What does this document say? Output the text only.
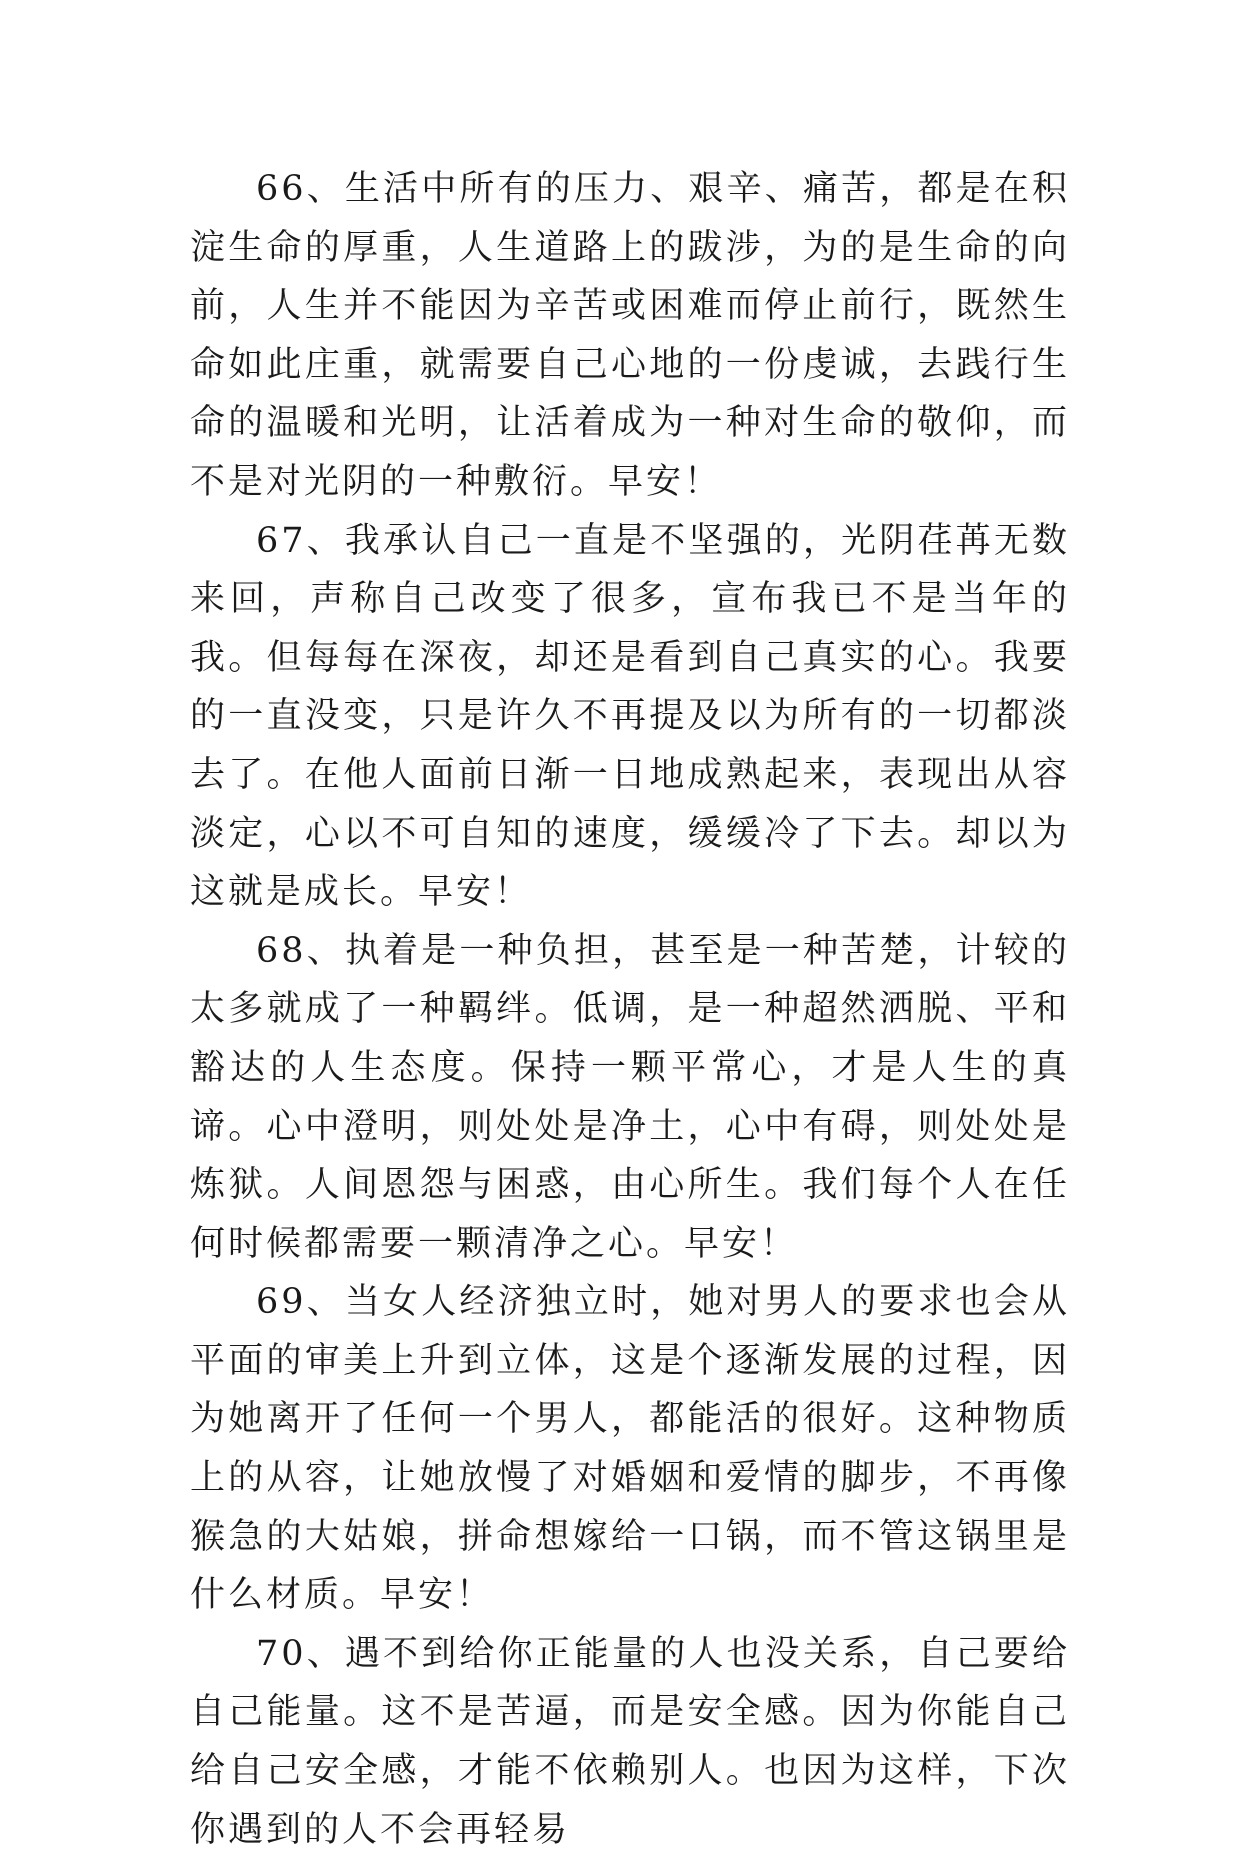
66、生活中所有的压力、艰辛、痛苦，都是在积淀生命的厚重，人生道路上的跋涉，为的是生命的向前，人生并不能因为辛苦或困难而停止前行，既然生命如此庄重，就需要自己心地的一份虔诚，去践行生命的温暖和光明，让活着成为一种对生命的敬仰，而不是对光阴的一种敷衍。早安！

67、我承认自己一直是不坚强的，光阴荏苒无数来回，声称自己改变了很多，宣布我已不是当年的我。但每每在深夜，却还是看到自己真实的心。我要的一直没变，只是许久不再提及以为所有的一切都淡去了。在他人面前日渐一日地成熟起来，表现出从容淡定，心以不可自知的速度，缓缓冷了下去。却以为这就是成长。早安！

68、执着是一种负担，甚至是一种苦楚，计较的太多就成了一种羁绊。低调，是一种超然洒脱、平和豁达的人生态度。保持一颗平常心，才是人生的真谛。心中澄明，则处处是净土，心中有碍，则处处是炼狱。人间恩怨与困惑，由心所生。我们每个人在任何时候都需要一颗清净之心。早安！

69、当女人经济独立时，她对男人的要求也会从平面的审美上升到立体，这是个逐渐发展的过程，因为她离开了任何一个男人，都能活的很好。这种物质上的从容，让她放慢了对婚姻和爱情的脚步，不再像猴急的大姑娘，拼命想嫁给一口锅，而不管这锅里是什么材质。早安！

70、遇不到给你正能量的人也没关系，自己要给自己能量。这不是苦逼，而是安全感。因为你能自己给自己安全感，才能不依赖别人。也因为这样，下次你遇到的人不会再轻易
